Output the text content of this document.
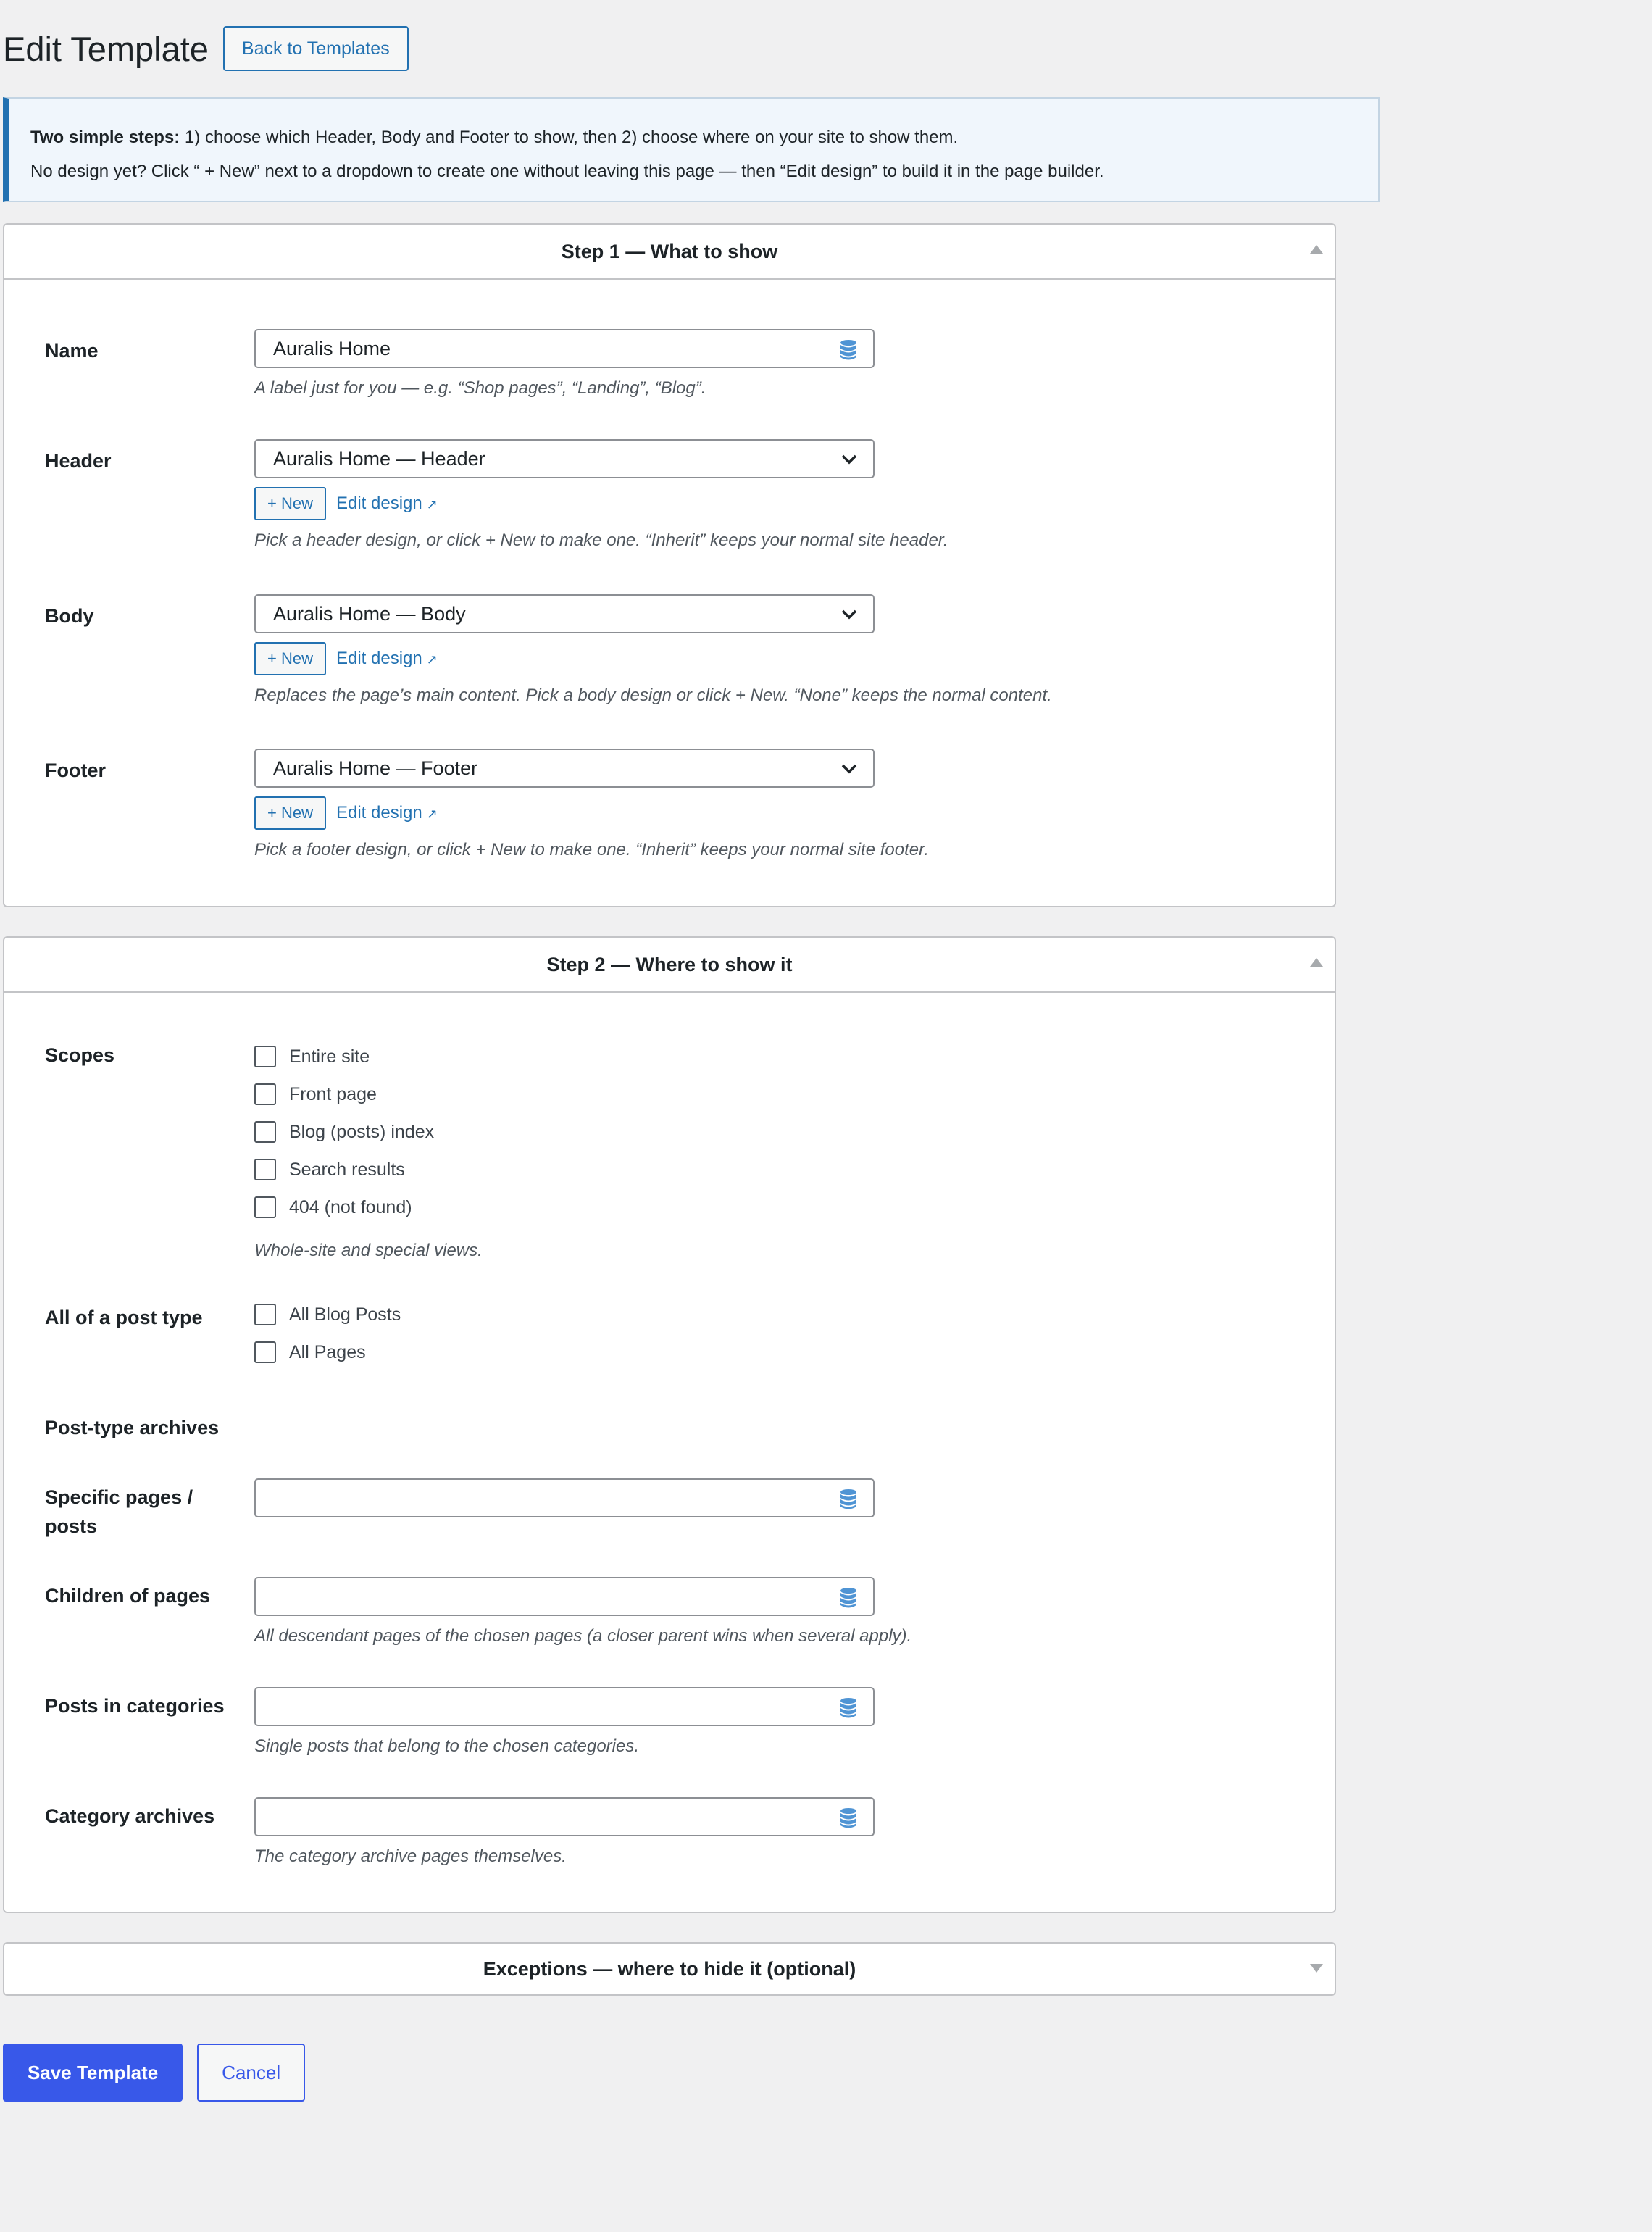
Edit Template	Back to Templates
Two simple steps: 1) choose which Header, Body and Footer to show, then 2) choose where on your site to show them.
No design yet? Click “ + New” next to a dropdown to create one without leaving this page — then “Edit design” to build it in the page builder.
Step 1 — What to show
Name	Auralis Home
A label just for you — e.g. “Shop pages”, “Landing”, “Blog”.
Header	Auralis Home — Header
+ New	Edit design ↗
Pick a header design, or click + New to make one. “Inherit” keeps your normal site header.
Body	Auralis Home — Body
+ New	Edit design ↗
Replaces the page’s main content. Pick a body design or click + New. “None” keeps the normal content.
Footer	Auralis Home — Footer
+ New	Edit design ↗
Pick a footer design, or click + New to make one. “Inherit” keeps your normal site footer.
Step 2 — Where to show it
Scopes	Entire site
Front page
Blog (posts) index
Search results
404 (not found)
Whole-site and special views.
All of a post type	All Blog Posts
All Pages
Post-type archives
Specific pages / posts
Children of pages
All descendant pages of the chosen pages (a closer parent wins when several apply).
Posts in categories
Single posts that belong to the chosen categories.
Category archives
The category archive pages themselves.
Exceptions — where to hide it (optional)
Save Template	Cancel
